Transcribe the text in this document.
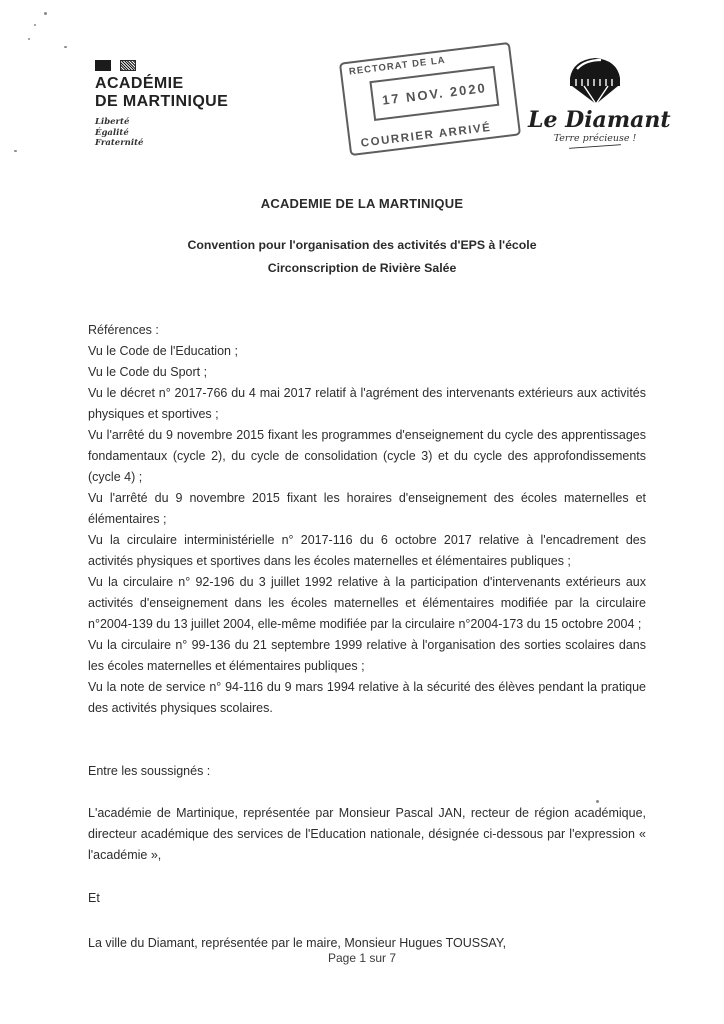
ACADÉMIE
DE MARTINIQUE
Liberté
Égalité
Fraternité
RECTORAT DE LA
17 NOV. 2020
COURRIER ARRIVÉ
Le Diamant
Terre précieuse !
ACADEMIE DE LA MARTINIQUE
Convention pour l'organisation des activités d'EPS à l'école
Circonscription de Rivière Salée

Références :

Vu le Code de l'Education ;

Vu le Code du Sport ;

Vu le décret n° 2017-766 du 4 mai 2017 relatif à l'agrément des intervenants extérieurs aux activités physiques et sportives ;

Vu l'arrêté du 9 novembre 2015 fixant les programmes d'enseignement du cycle des apprentissages fondamentaux (cycle 2), du cycle de consolidation (cycle 3) et du cycle des approfondissements (cycle 4) ;

Vu l'arrêté du 9 novembre 2015 fixant les horaires d'enseignement des écoles maternelles et élémentaires ;

Vu la circulaire interministérielle n° 2017-116 du 6 octobre 2017 relative à l'encadrement des activités physiques et sportives dans les écoles maternelles et élémentaires publiques ;

Vu la circulaire n° 92-196 du 3 juillet 1992 relative à la participation d'intervenants extérieurs aux activités d'enseignement dans les écoles maternelles et élémentaires modifiée par la circulaire n°2004-139 du 13 juillet 2004, elle-même modifiée par la circulaire n°2004-173 du 15 octobre 2004 ;

Vu la circulaire n° 99-136 du 21 septembre 1999 relative à l'organisation des sorties scolaires dans les écoles maternelles et élémentaires publiques ;

Vu la note de service n° 94-116 du 9 mars 1994 relative à la sécurité des élèves pendant la pratique des activités physiques scolaires.

Entre les soussignés :

L'académie de Martinique, représentée par Monsieur Pascal JAN, recteur de région académique, directeur académique des services de l'Education nationale, désignée ci-dessous par l'expression « l'académie »,

Et

La ville du Diamant, représentée par le maire, Monsieur Hugues TOUSSAY,

Page 1 sur 7
